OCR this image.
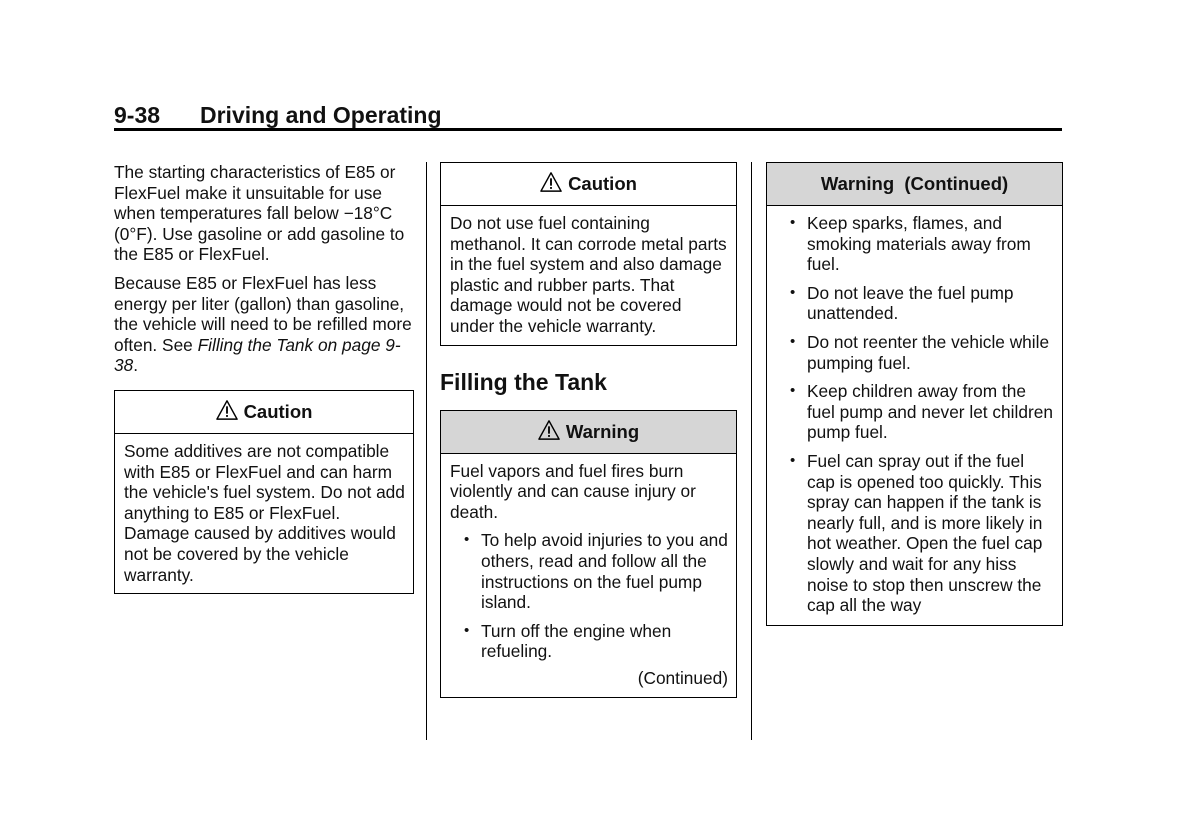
9-38 Driving and Operating

The starting characteristics of E85 or FlexFuel make it unsuitable for use when temperatures fall below −18°C (0°F). Use gasoline or add gasoline to the E85 or FlexFuel.

Because E85 or FlexFuel has less energy per liter (gallon) than gasoline, the vehicle will need to be refilled more often. See Filling the Tank on page 9-38.

Caution
Some additives are not compatible with E85 or FlexFuel and can harm the vehicle's fuel system. Do not add anything to E85 or FlexFuel. Damage caused by additives would not be covered by the vehicle warranty.
Caution
Do not use fuel containing methanol. It can corrode metal parts in the fuel system and also damage plastic and rubber parts. That damage would not be covered under the vehicle warranty.
Filling the Tank
Warning

Fuel vapors and fuel fires burn violently and can cause injury or death.

• To help avoid injuries to you and others, read and follow all the instructions on the fuel pump island.
• Turn off the engine when refueling.
(Continued)
Warning  (Continued)
• Keep sparks, flames, and smoking materials away from fuel.
• Do not leave the fuel pump unattended.
• Do not reenter the vehicle while pumping fuel.
• Keep children away from the fuel pump and never let children pump fuel.
• Fuel can spray out if the fuel cap is opened too quickly. This spray can happen if the tank is nearly full, and is more likely in hot weather. Open the fuel cap slowly and wait for any hiss noise to stop then unscrew the cap all the way
